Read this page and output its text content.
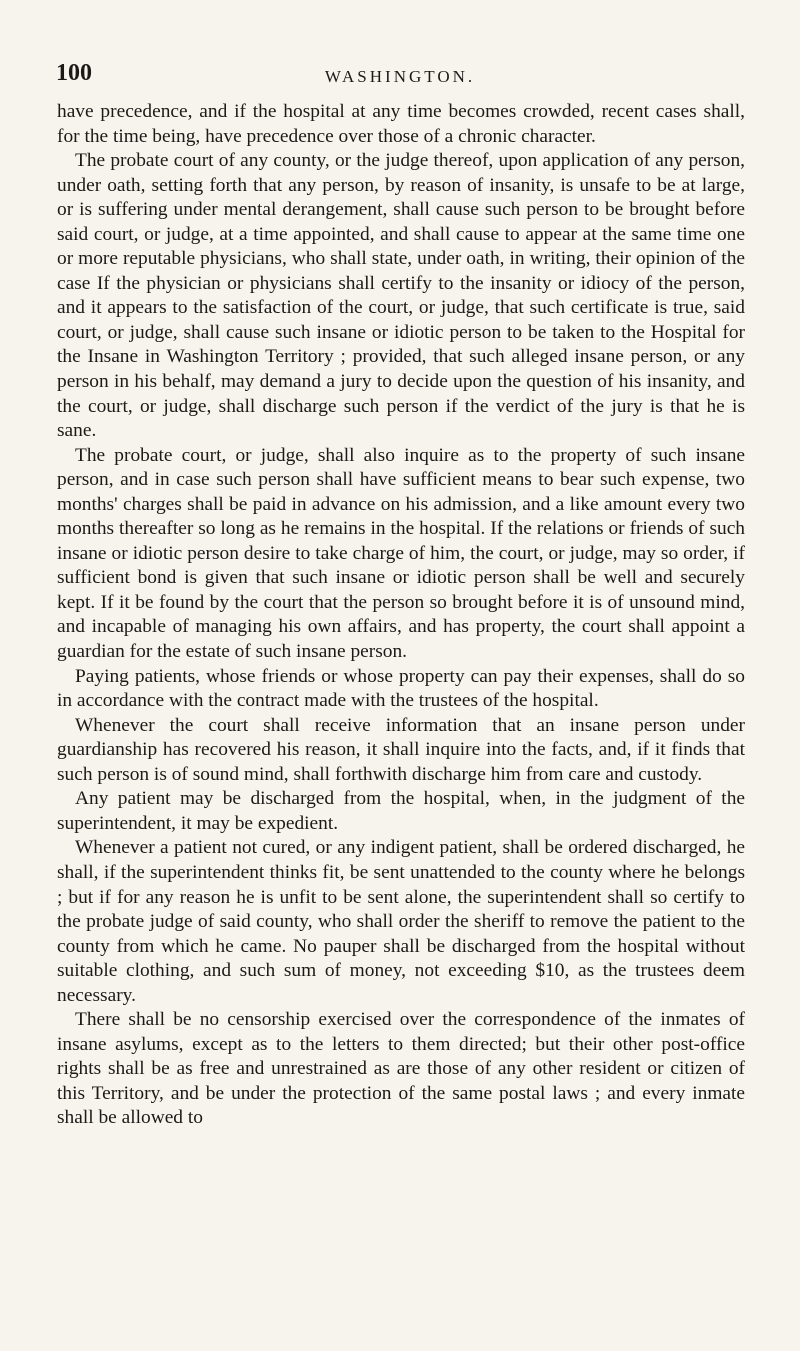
100	WASHINGTON.

have precedence, and if the hospital at any time becomes crowded, recent cases shall, for the time being, have precedence over those of a chronic character.

The probate court of any county, or the judge thereof, upon application of any person, under oath, setting forth that any person, by reason of insanity, is unsafe to be at large, or is suffering under mental derangement, shall cause such person to be brought before said court, or judge, at a time appointed, and shall cause to appear at the same time one or more reputable physicians, who shall state, under oath, in writing, their opinion of the case If the physician or physicians shall certify to the insanity or idiocy of the person, and it appears to the satisfaction of the court, or judge, that such certificate is true, said court, or judge, shall cause such insane or idiotic person to be taken to the Hospital for the Insane in Washington Territory ; provided, that such alleged insane person, or any person in his behalf, may demand a jury to decide upon the question of his insanity, and the court, or judge, shall discharge such person if the verdict of the jury is that he is sane.

The probate court, or judge, shall also inquire as to the property of such insane person, and in case such person shall have sufficient means to bear such expense, two months' charges shall be paid in advance on his admission, and a like amount every two months thereafter so long as he remains in the hospital. If the relations or friends of such insane or idiotic person desire to take charge of him, the court, or judge, may so order, if sufficient bond is given that such insane or idiotic person shall be well and securely kept. If it be found by the court that the person so brought before it is of unsound mind, and incapable of managing his own affairs, and has property, the court shall appoint a guardian for the estate of such insane person.

Paying patients, whose friends or whose property can pay their expenses, shall do so in accordance with the contract made with the trustees of the hospital.

Whenever the court shall receive information that an insane person under guardianship has recovered his reason, it shall inquire into the facts, and, if it finds that such person is of sound mind, shall forthwith discharge him from care and custody.

Any patient may be discharged from the hospital, when, in the judgment of the superintendent, it may be expedient.

Whenever a patient not cured, or any indigent patient, shall be ordered discharged, he shall, if the superintendent thinks fit, be sent unattended to the county where he belongs ; but if for any reason he is unfit to be sent alone, the superintendent shall so certify to the probate judge of said county, who shall order the sheriff to remove the patient to the county from which he came. No pauper shall be discharged from the hospital without suitable clothing, and such sum of money, not exceeding $10, as the trustees deem necessary.

There shall be no censorship exercised over the correspondence of the inmates of insane asylums, except as to the letters to them directed; but their other post-office rights shall be as free and unrestrained as are those of any other resident or citizen of this Territory, and be under the protection of the same postal laws ; and every inmate shall be allowed to
